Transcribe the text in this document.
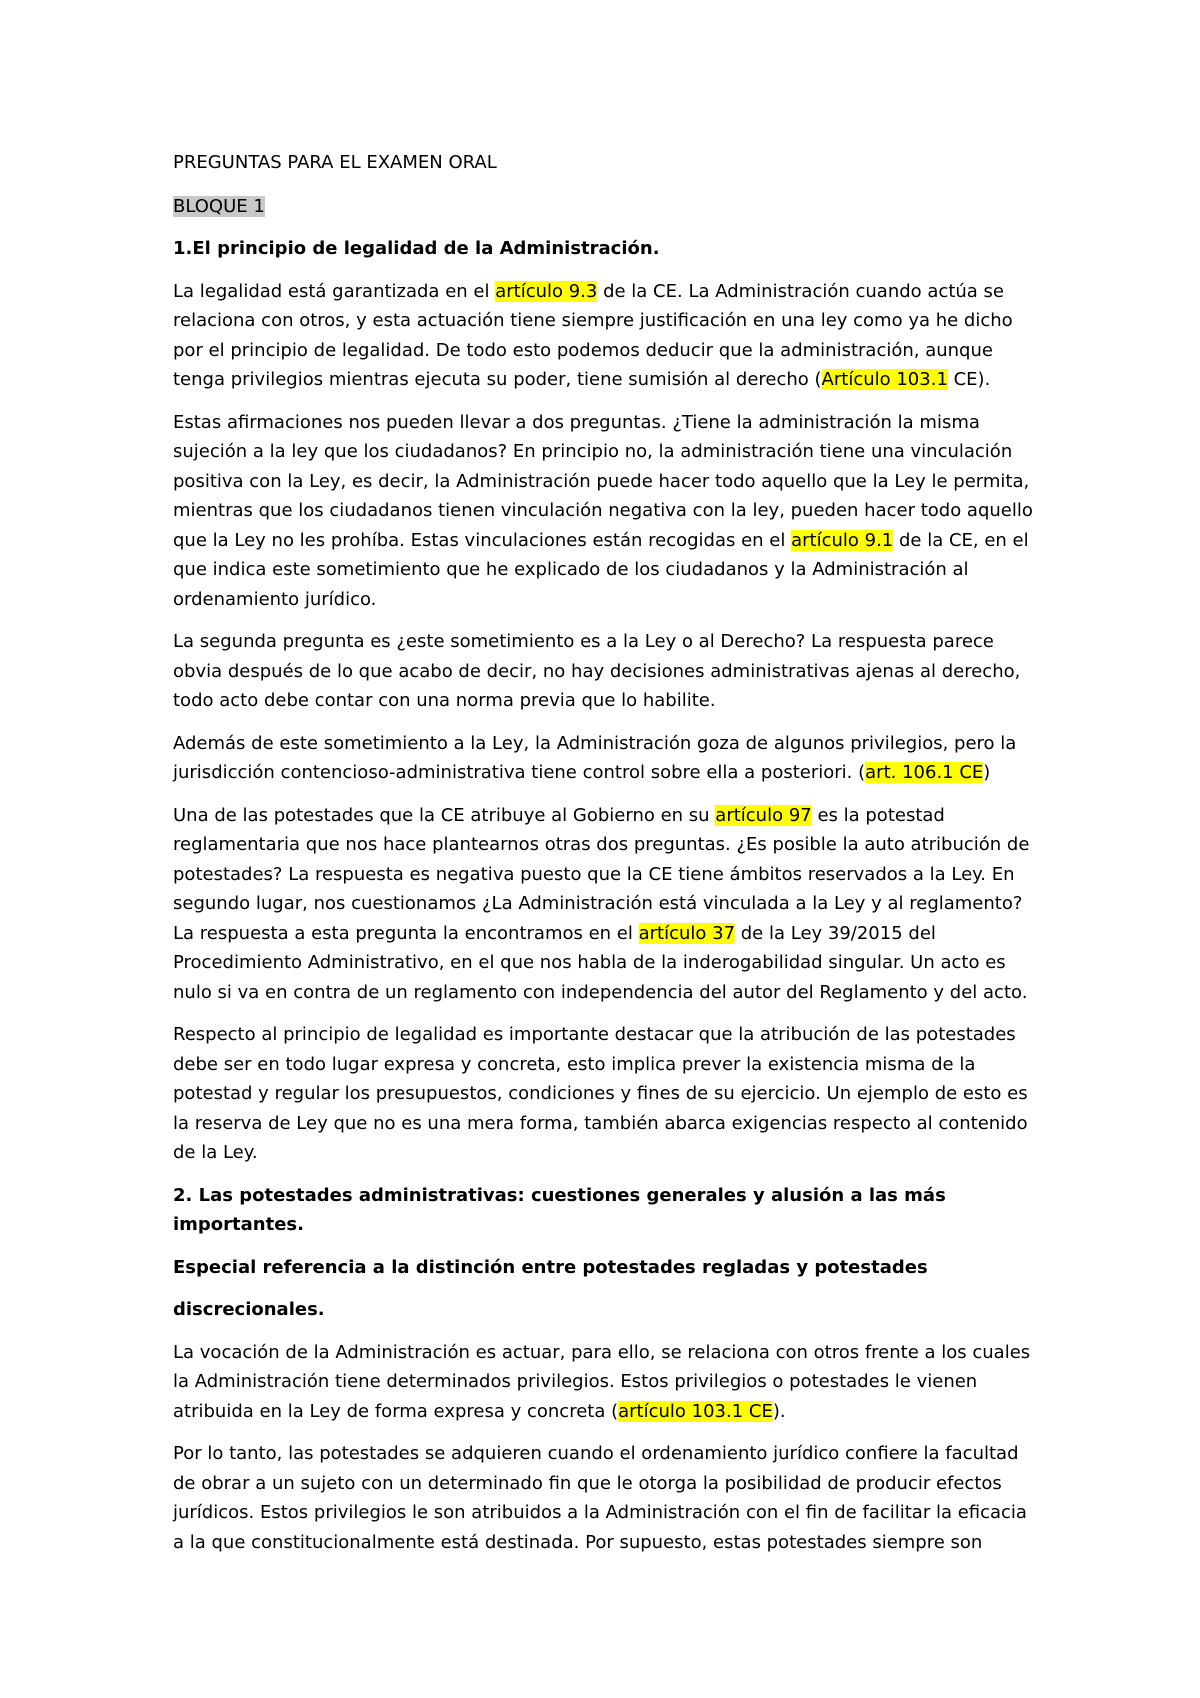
PREGUNTAS PARA EL EXAMEN ORAL

BLOQUE 1

1.El principio de legalidad de la Administración.

La legalidad está garantizada en el artículo 9.3 de la CE. La Administración cuando actúa se relaciona con otros, y esta actuación tiene siempre justificación en una ley como ya he dicho por el principio de legalidad. De todo esto podemos deducir que la administración, aunque tenga privilegios mientras ejecuta su poder, tiene sumisión al derecho (Artículo 103.1 CE).

Estas afirmaciones nos pueden llevar a dos preguntas. ¿Tiene la administración la misma sujeción a la ley que los ciudadanos? En principio no, la administración tiene una vinculación positiva con la Ley, es decir, la Administración puede hacer todo aquello que la Ley le permita, mientras que los ciudadanos tienen vinculación negativa con la ley, pueden hacer todo aquello que la Ley no les prohíba. Estas vinculaciones están recogidas en el artículo 9.1 de la CE, en el que indica este sometimiento que he explicado de los ciudadanos y la Administración al ordenamiento jurídico.

La segunda pregunta es ¿este sometimiento es a la Ley o al Derecho? La respuesta parece obvia después de lo que acabo de decir, no hay decisiones administrativas ajenas al derecho, todo acto debe contar con una norma previa que lo habilite.

Además de este sometimiento a la Ley, la Administración goza de algunos privilegios, pero la jurisdicción contencioso-administrativa tiene control sobre ella a posteriori. (art. 106.1 CE)

Una de las potestades que la CE atribuye al Gobierno en su artículo 97 es la potestad reglamentaria que nos hace plantearnos otras dos preguntas. ¿Es posible la auto atribución de potestades? La respuesta es negativa puesto que la CE tiene ámbitos reservados a la Ley. En segundo lugar, nos cuestionamos ¿La Administración está vinculada a la Ley y al reglamento? La respuesta a esta pregunta la encontramos en el artículo 37 de la Ley 39/2015 del Procedimiento Administrativo, en el que nos habla de la inderogabilidad singular. Un acto es nulo si va en contra de un reglamento con independencia del autor del Reglamento y del acto.

Respecto al principio de legalidad es importante destacar que la atribución de las potestades debe ser en todo lugar expresa y concreta, esto implica prever la existencia misma de la potestad y regular los presupuestos, condiciones y fines de su ejercicio. Un ejemplo de esto es la reserva de Ley que no es una mera forma, también abarca exigencias respecto al contenido de la Ley.

2. Las potestades administrativas: cuestiones generales y alusión a las más importantes.

Especial referencia a la distinción entre potestades regladas y potestades

discrecionales.

La vocación de la Administración es actuar, para ello, se relaciona con otros frente a los cuales la Administración tiene determinados privilegios. Estos privilegios o potestades le vienen atribuida en la Ley de forma expresa y concreta (artículo 103.1 CE).

Por lo tanto, las potestades se adquieren cuando el ordenamiento jurídico confiere la facultad de obrar a un sujeto con un determinado fin que le otorga la posibilidad de producir efectos jurídicos. Estos privilegios le son atribuidos a la Administración con el fin de facilitar la eficacia a la que constitucionalmente está destinada. Por supuesto, estas potestades siempre son
